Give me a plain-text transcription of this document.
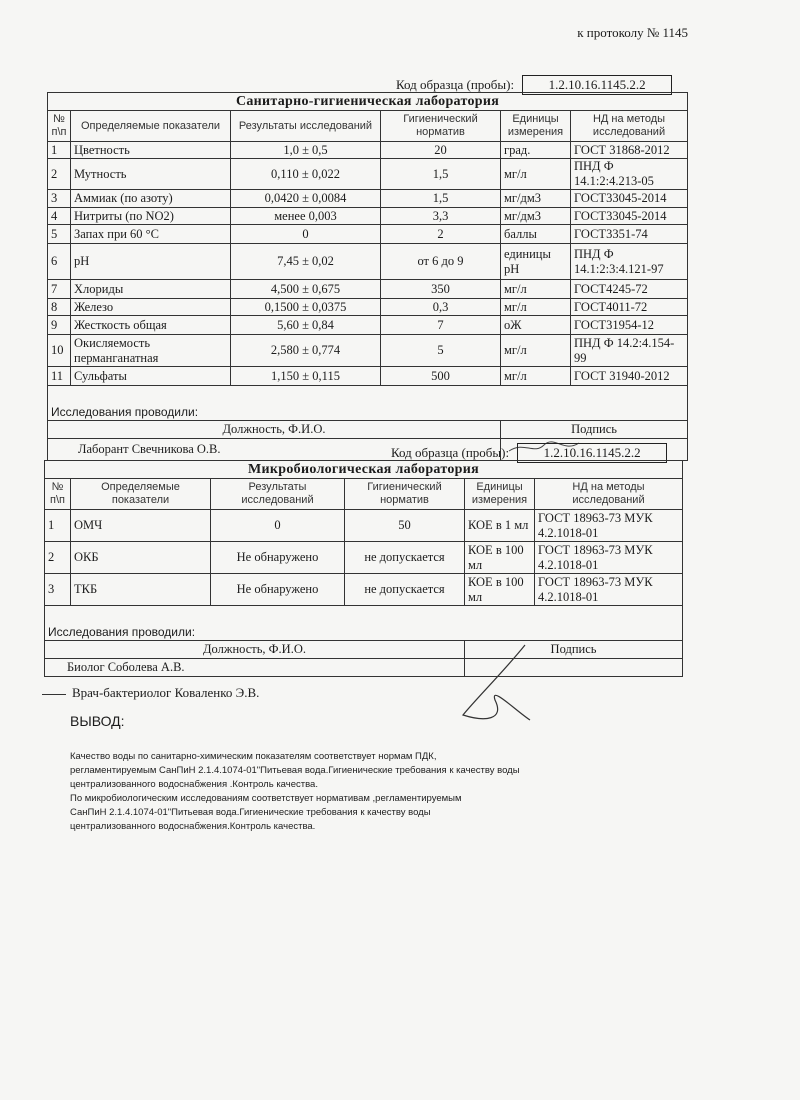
к протоколу № 1145
Код образца (пробы):	1.2.10.16.1145.2.2
Санитарно-гигиеническая лаборатория					
№ п\п	Определяемые показатели	Результаты исследований	Гигиенический норматив	Единицы измерения	НД на методы исследований
1	Цветность	1,0 ± 0,5	20	град.	ГОСТ 31868-2012
2	Мутность	0,110 ± 0,022	1,5	мг/л	ПНД Ф 14.1:2:4.213-05
3	Аммиак (по азоту)	0,0420 ± 0,0084	1,5	мг/дм3	ГОСТ33045-2014
4	Нитриты (по NO2)	менее 0,003	3,3	мг/дм3	ГОСТ33045-2014
5	Запах при 60 °С	0	2	баллы	ГОСТ3351-74
6	pH	7,45 ± 0,02	от 6 до 9	единицы pH	ПНД Ф 14.1:2:3:4.121-97
7	Хлориды	4,500 ± 0,675	350	мг/л	ГОСТ4245-72
8	Железо	0,1500 ± 0,0375	0,3	мг/л	ГОСТ4011-72
9	Жесткость общая	5,60 ± 0,84	7	оЖ	ГОСТ31954-12
10	Окисляемость перманганатная	2,580 ± 0,774	5	мг/л	ПНД Ф 14.2:4.154-99
11	Сульфаты	1,150 ± 0,115	500	мг/л	ГОСТ 31940-2012

Исследования проводили:					
Должность, Ф.И.О.				Подпись	
Лаборант Свечникова О.В.		Код образца (пробы):	1.2.10.16.1145.2.2
Микробиологическая лаборатория					
№ п\п	Определяемые показатели	Результаты исследований	Гигиенический норматив	Единицы измерения	НД на методы исследований
1	ОМЧ	0	50	КОЕ в 1 мл	ГОСТ 18963-73 МУК 4.2.1018-01
2	ОКБ	Не обнаружено	не допускается	КОЕ в 100 мл	ГОСТ 18963-73 МУК 4.2.1018-01
3	ТКБ	Не обнаружено	не допускается	КОЕ в 100 мл	ГОСТ 18963-73 МУК 4.2.1018-01

Исследования проводили:					
Должность, Ф.И.О.				Подпись	
Биолог Соболева А.В.					
Врач-бактериолог Коваленко Э.В.
ВЫВОД:
Качество воды по санитарно-химическим показателям соответствует нормам ПДК,
регламентируемым СанПиН 2.1.4.1074-01"Питьевая вода.Гигиенические требования к качеству воды
централизованного водоснабжения .Контроль качества.
По микробиологическим исследованиям соответствует нормативам ,регламентируемым
СанПиН 2.1.4.1074-01"Питьевая вода.Гигиенические требования к качеству воды
централизованного водоснабжения.Контроль качества.
